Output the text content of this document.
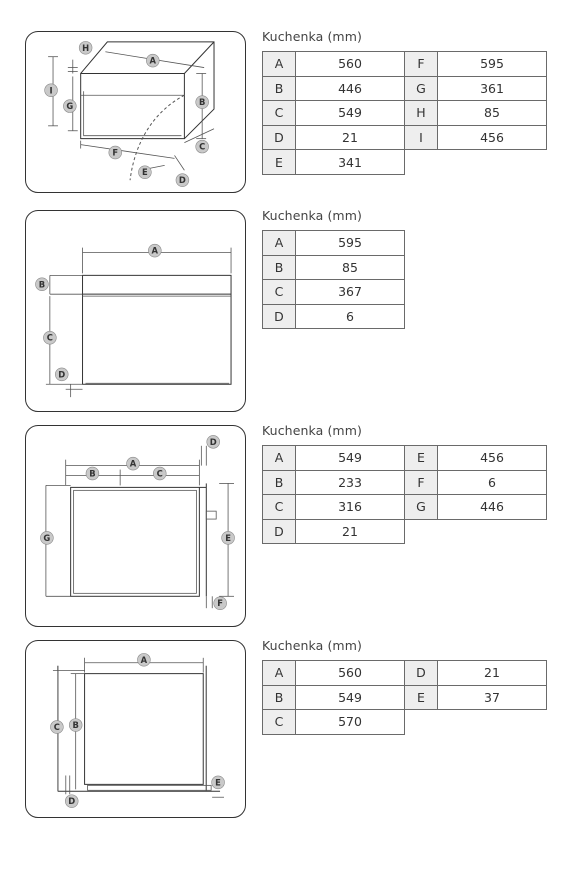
A
B
C
D
E
F
G
H
I
A
B
C
D
A
B	C
D
E
F
G
A
B
C
D
E
Kuchenka (mm)
A	560	F	595
B	446	G	361
C	549	H	85
D	21	I	456
E	341		
Kuchenka (mm)
A	595
B	85
C	367
D	6
Kuchenka (mm)
A	549	E	456
B	233	F	6
C	316	G	446
D	21		
Kuchenka (mm)
A	560	D	21
B	549	E	37
C	570		
